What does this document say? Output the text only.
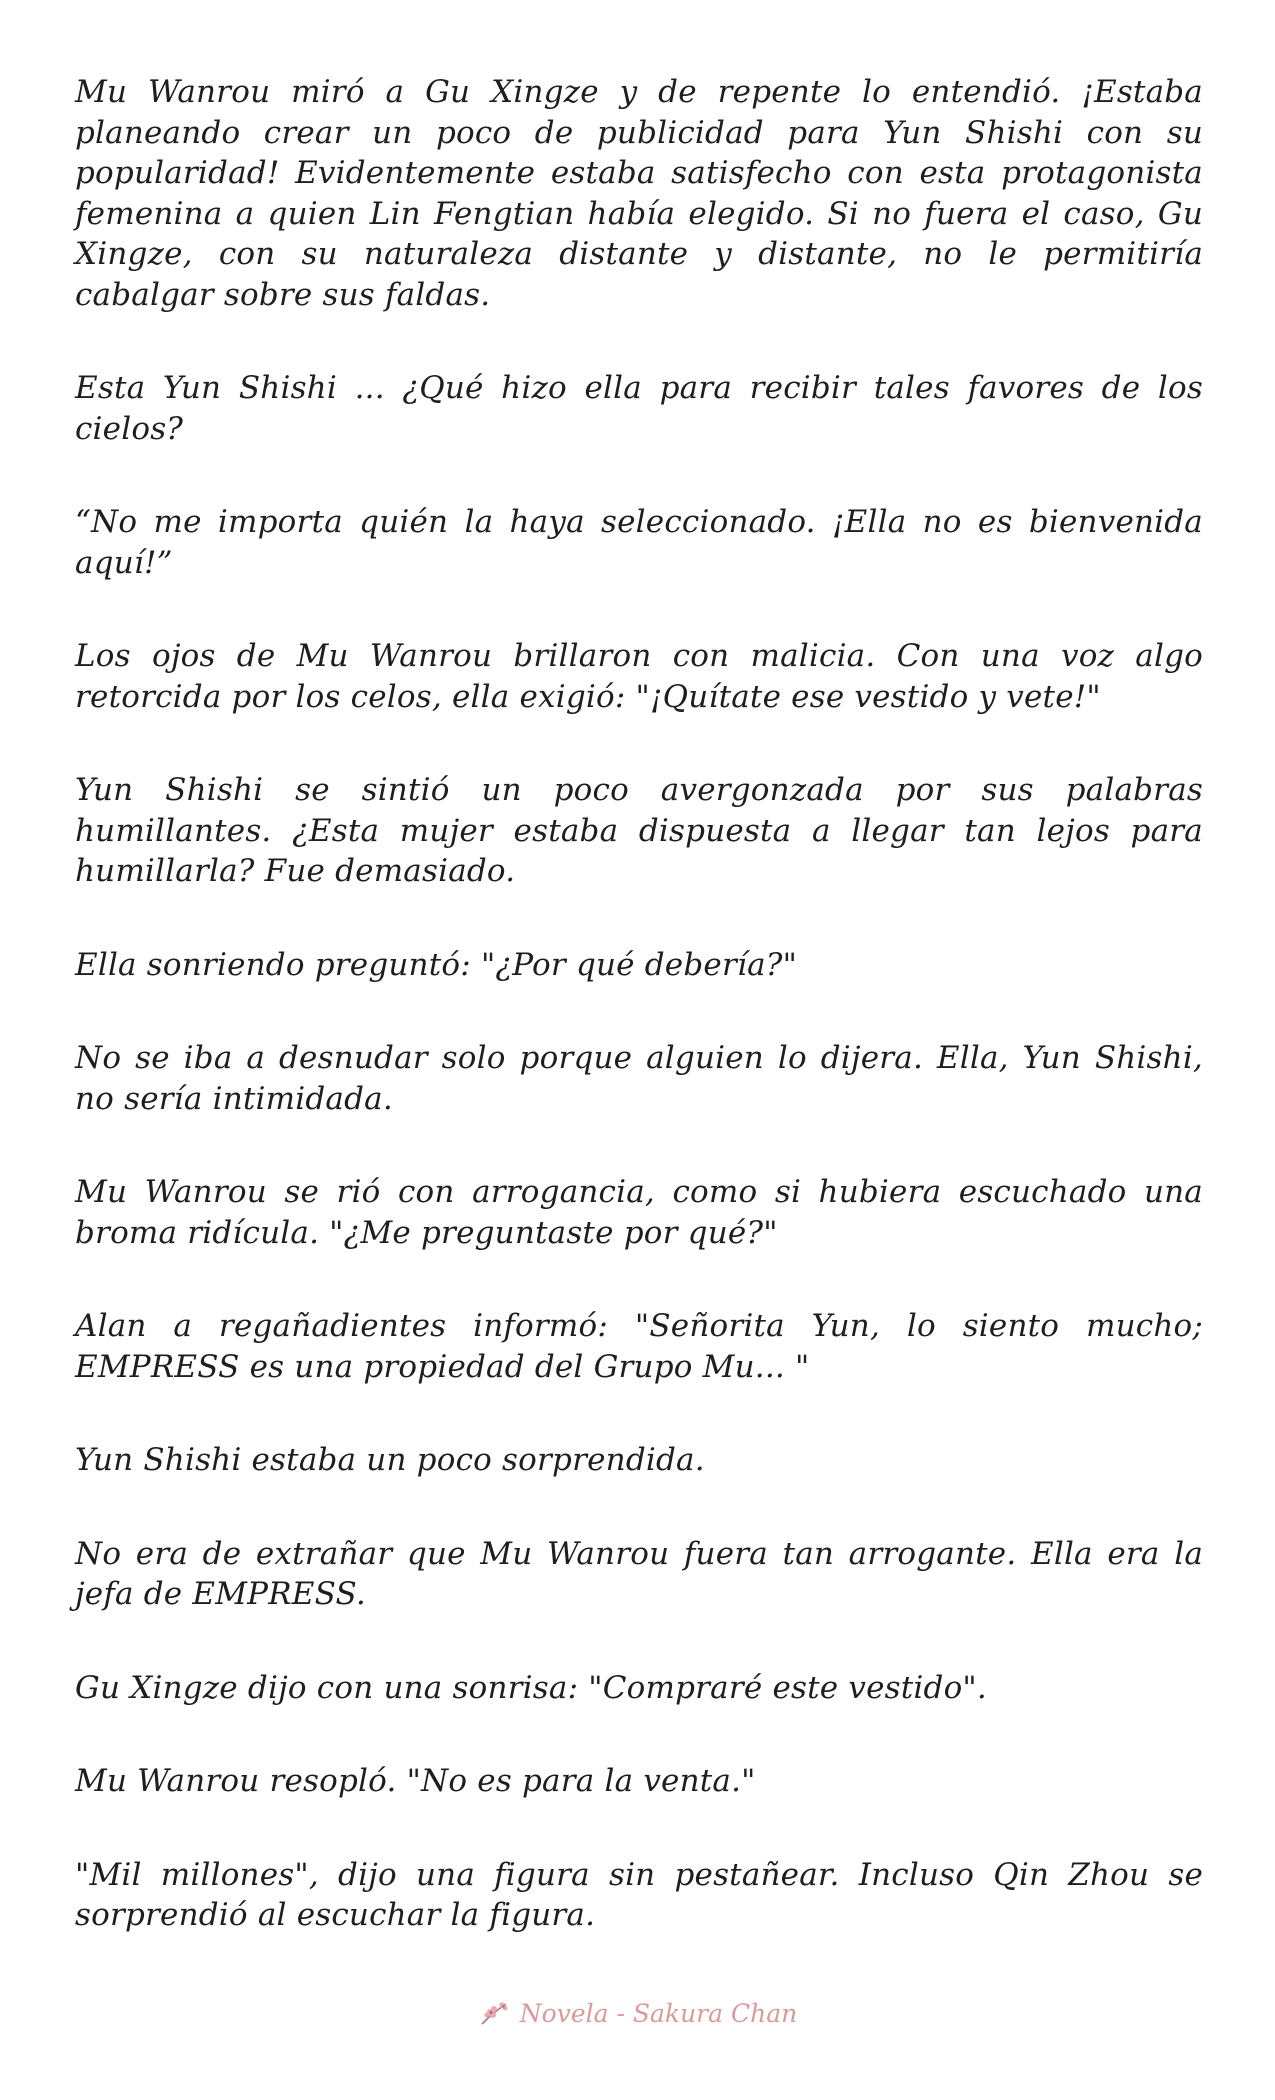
Mu Wanrou miró a Gu Xingze y de repente lo entendió. ¡Estaba planeando crear un poco de publicidad para Yun Shishi con su popularidad! Evidentemente estaba satisfecho con esta protagonista femenina a quien Lin Fengtian había elegido. Si no fuera el caso, Gu Xingze, con su naturaleza distante y distante, no le permitiría cabalgar sobre sus faldas.

Esta Yun Shishi ... ¿Qué hizo ella para recibir tales favores de los cielos?

“No me importa quién la haya seleccionado. ¡Ella no es bienvenida aquí!”

Los ojos de Mu Wanrou brillaron con malicia. Con una voz algo retorcida por los celos, ella exigió: "¡Quítate ese vestido y vete!"

Yun Shishi se sintió un poco avergonzada por sus palabras humillantes. ¿Esta mujer estaba dispuesta a llegar tan lejos para humillarla? Fue demasiado.

Ella sonriendo preguntó: "¿Por qué debería?"

No se iba a desnudar solo porque alguien lo dijera. Ella, Yun Shishi, no sería intimidada.

Mu Wanrou se rió con arrogancia, como si hubiera escuchado una broma ridícula. "¿Me preguntaste por qué?"

Alan a regañadientes informó: "Señorita Yun, lo siento mucho; EMPRESS es una propiedad del Grupo Mu... "

Yun Shishi estaba un poco sorprendida.

No era de extrañar que Mu Wanrou fuera tan arrogante. Ella era la jefa de EMPRESS.

Gu Xingze dijo con una sonrisa: "Compraré este vestido".

Mu Wanrou resopló. "No es para la venta."

"Mil millones", dijo una figura sin pestañear. Incluso Qin Zhou se sorprendió al escuchar la figura.

Novela - Sakura Chan
